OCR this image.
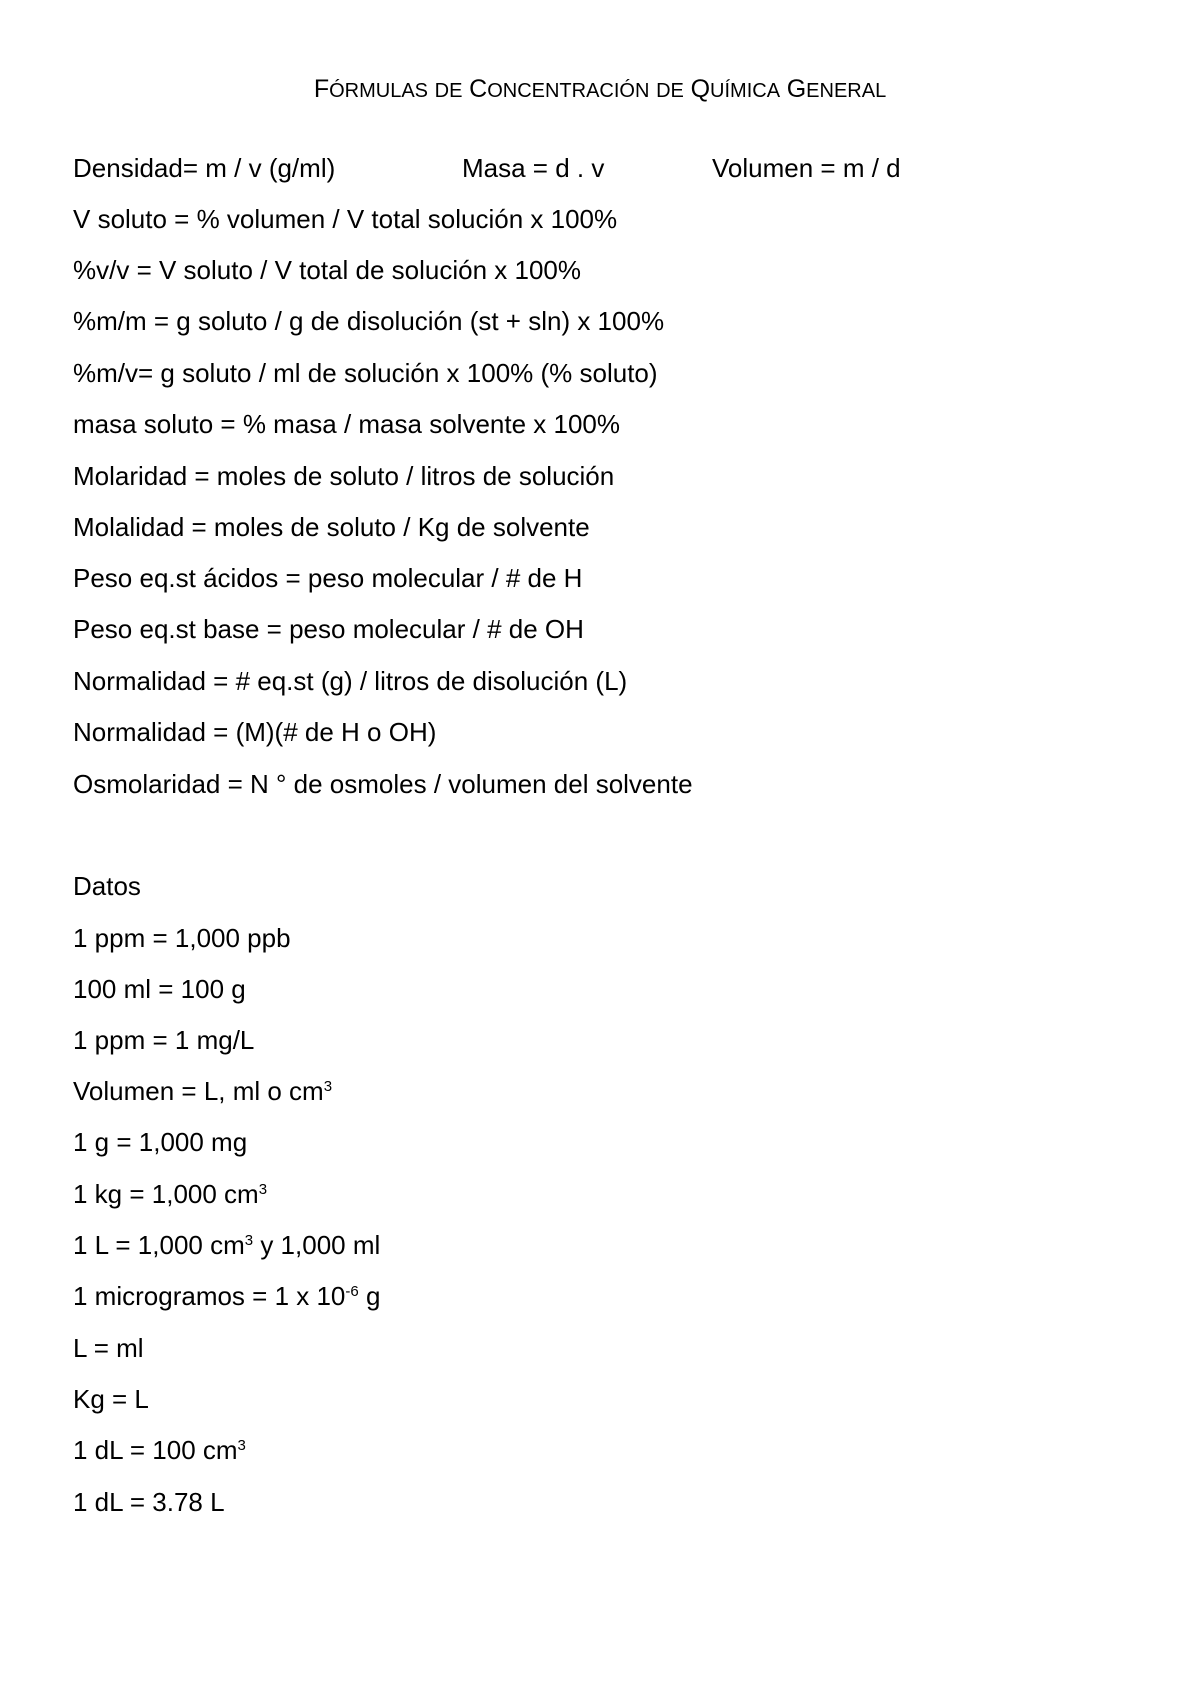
FÓRMULAS DE CONCENTRACIÓN DE QUÍMICA GENERAL
Densidad= m / v (g/ml)	Masa = d . v	Volumen = m / d
V soluto = % volumen / V total solución x 100%
%v/v = V soluto / V total de solución x 100%
%m/m = g soluto / g de disolución (st + sln) x 100%
%m/v= g soluto / ml de solución x 100% (% soluto)
masa soluto = % masa / masa solvente x 100%
Molaridad = moles de soluto / litros de solución
Molalidad = moles de soluto / Kg de solvente
Peso eq.st ácidos = peso molecular / # de H
Peso eq.st base = peso molecular / # de OH
Normalidad = # eq.st (g) / litros de disolución (L)
Normalidad = (M)(# de H o OH)
Osmolaridad = N ° de osmoles / volumen del solvente
Datos
1 ppm = 1,000 ppb
100 ml = 100 g
1 ppm = 1 mg/L
Volumen = L, ml o $cm^3$
1 g = 1,000 mg
1 kg = 1,000 $cm^3$
1 L = 1,000 $cm^3$ y 1,000 ml
1 microgramos = 1 x $10^{-6}$ g
L = ml
Kg = L
1 dL = 100 $cm^3$
1 dL = 3.78 L
